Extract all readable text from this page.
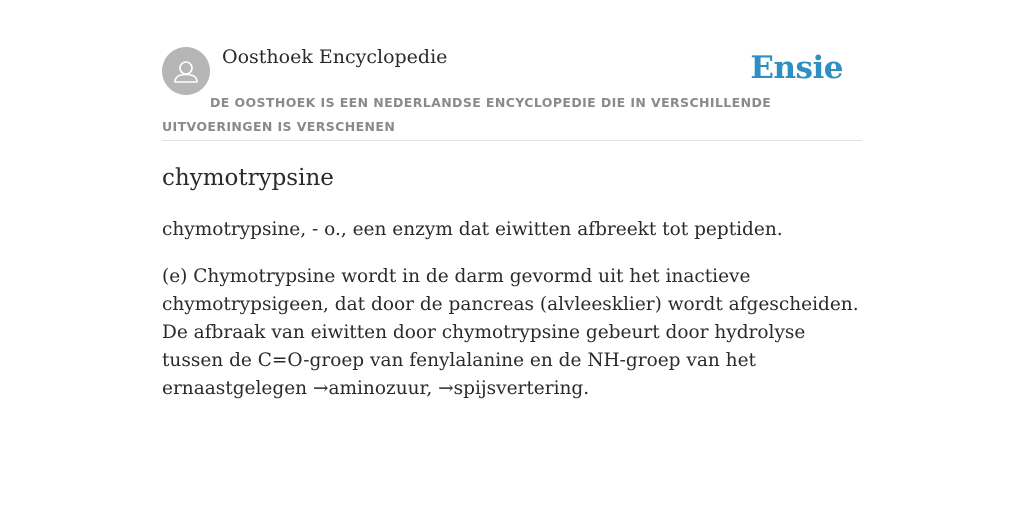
Oosthoek Encyclopedie	Ensie
DE OOSTHOEK IS EEN NEDERLANDSE ENCYCLOPEDIE DIE IN VERSCHILLENDE UITVOERINGEN IS VERSCHENEN
chymotrypsine

chymotrypsine, - o., een enzym dat eiwitten afbreekt tot peptiden.

(e) Chymotrypsine wordt in de darm gevormd uit het inactieve chymotrypsigeen, dat door de pancreas (alvleesklier) wordt afgescheiden. De afbraak van eiwitten door chymotrypsine gebeurt door hydrolyse tussen de C=O-groep van fenylalanine en de NH-groep van het ernaastgelegen →aminozuur, →spijsvertering.
